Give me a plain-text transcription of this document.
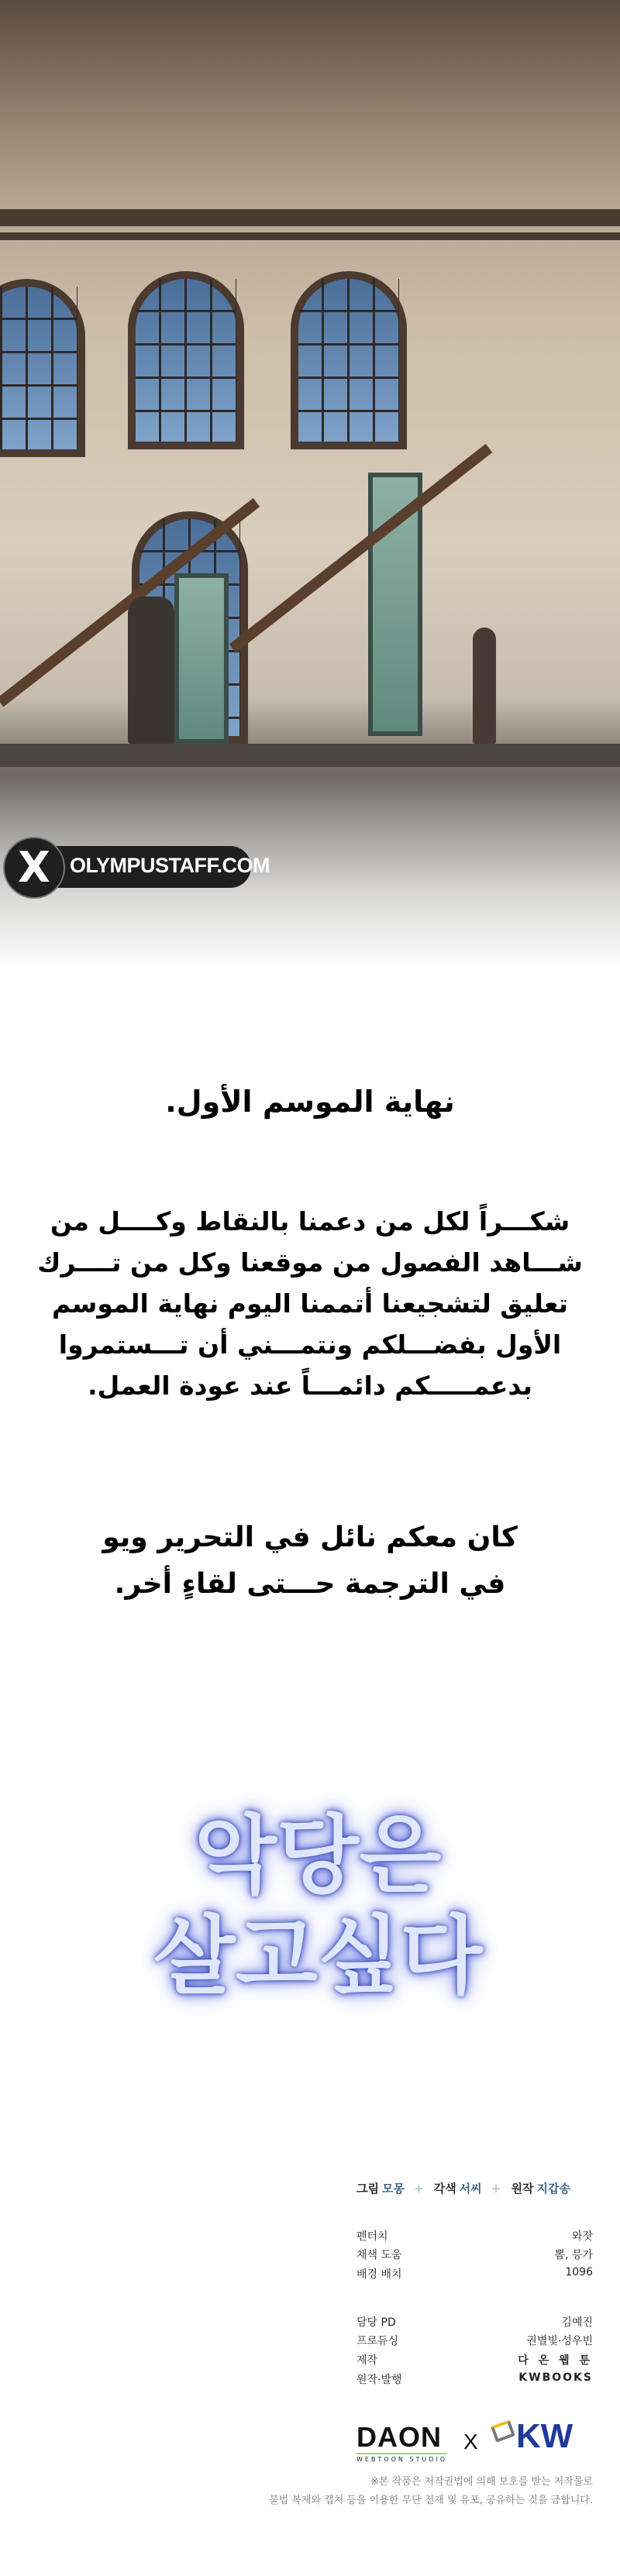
X OLYMPUSTAFF.COM
نهاية الموسم الأول.
شكـــراً لكل من دعمنا بالنقاط وكــــل من
شـــاهد الفصول من موقعنا وكل من تــــرك
تعليق لتشجيعنا أتممنا اليوم نهاية الموسم
الأول بفضـــلكم ونتمـــني أن تـــستمروا
بدعمـــــكم دائمـــاً عند عودة العمل.
كان معكم نائل في التحرير ويو
في الترجمة حـــتى لقاءٍ أخر.
악당은
살고싶다
그림 모몽 + 각색 서씨 + 원작 지갑송
펜터치	와잣
채색 도움	뽐, 믕가
배경 배치	1096
담당 PD	김예진
프로듀싱	권별빛·성우빈
제작	다 온 웹 툰
원작·발행	KWBOOKS
DAON
WEBTOON STUDIO
X	KW
※본 작품은 저작권법에 의해 보호를 받는 저작물로
불법 복제와 캡처 등을 이용한 무단 전재 및 유포, 공유하는 것을 금합니다.
